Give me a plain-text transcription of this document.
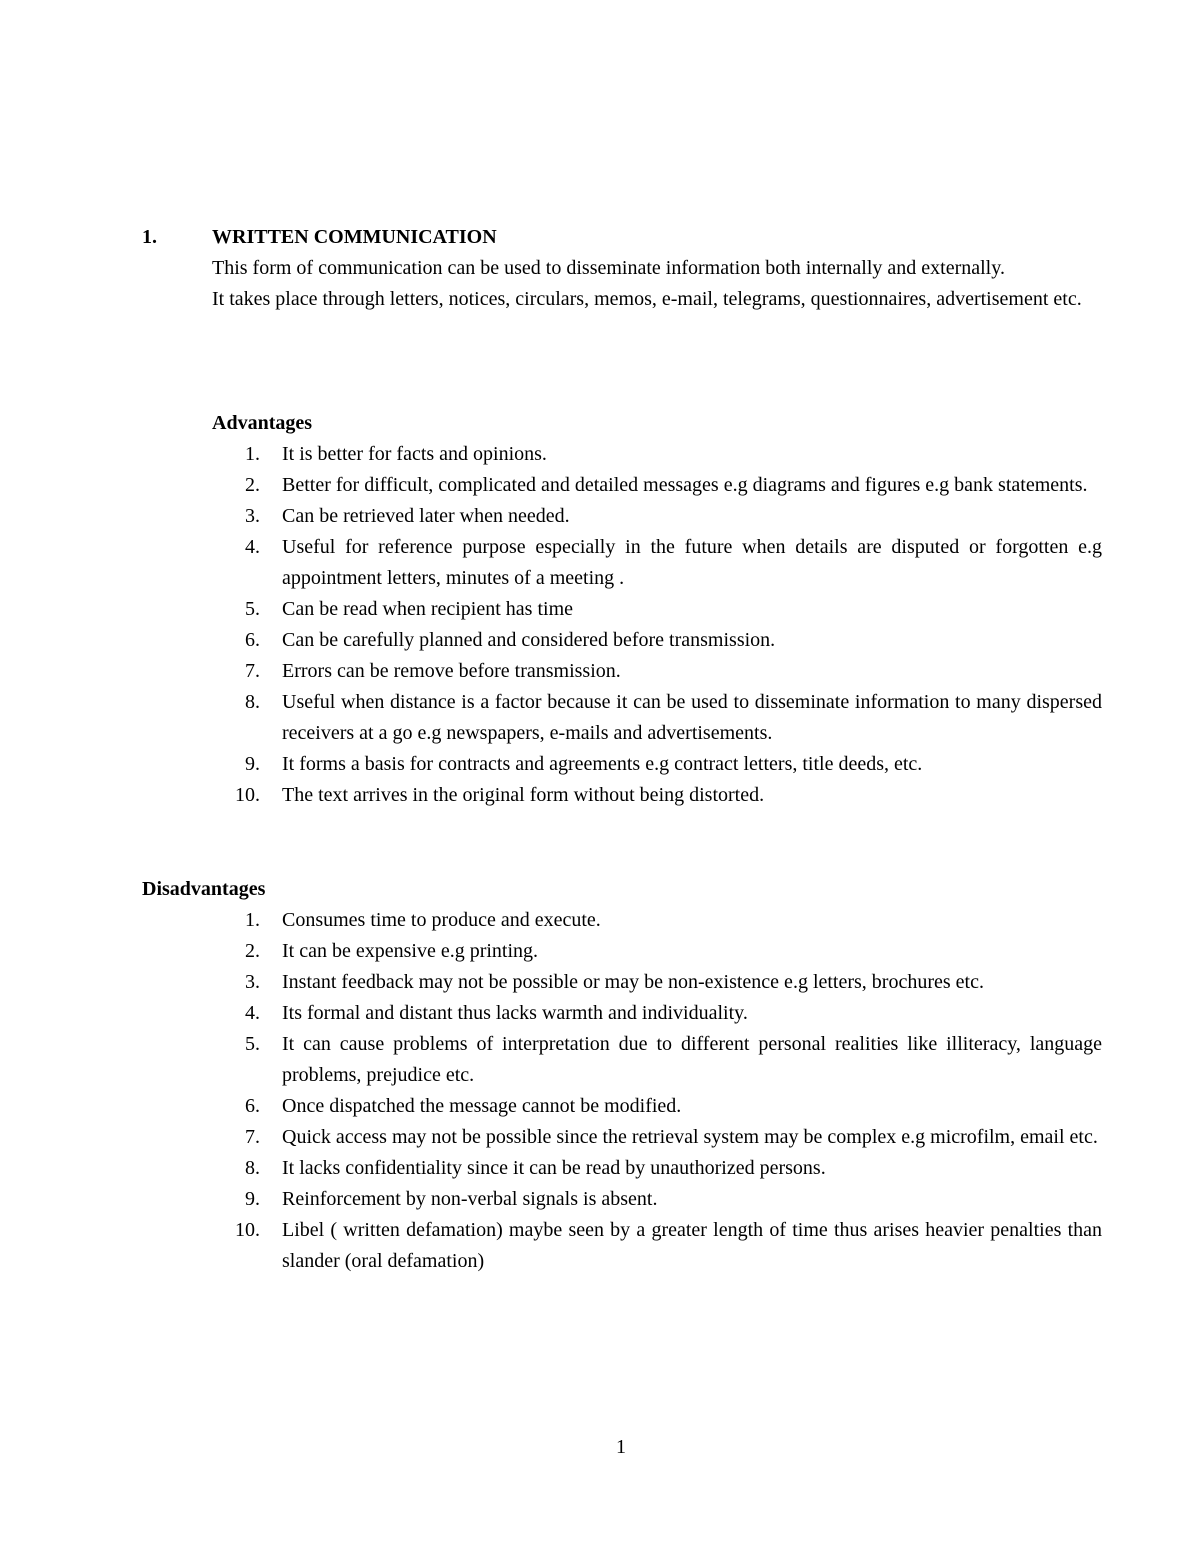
1.	WRITTEN COMMUNICATION

This form of communication can be used to disseminate information both internally and externally.

It takes place through letters, notices, circulars, memos, e-mail, telegrams, questionnaires, advertisement etc.

Advantages
1. It is better for facts and opinions.
2. Better for difficult, complicated and detailed messages e.g diagrams and figures e.g bank statements.
3. Can be retrieved later when needed.
4. Useful for reference purpose especially in the future when details are disputed or forgotten e.g appointment letters, minutes of a meeting .
5. Can be read when recipient has time
6. Can be carefully planned and considered before transmission.
7. Errors can be remove before transmission.
8. Useful when distance is a factor because it can be used to disseminate information to many dispersed receivers at a go e.g newspapers, e-mails and advertisements.
9. It forms a basis for contracts and agreements e.g contract letters, title deeds, etc.
10. The text arrives in the original form without being distorted.
Disadvantages
1. Consumes time to produce and execute.
2. It can be expensive e.g printing.
3. Instant feedback may not be possible or may be non-existence e.g letters, brochures etc.
4. Its formal and distant thus lacks warmth and individuality.
5. It can cause problems of interpretation due to different personal realities like illiteracy, language problems, prejudice etc.
6. Once dispatched the message cannot be modified.
7. Quick access may not be possible since the retrieval system may be complex e.g microfilm, email etc.
8. It lacks confidentiality since it can be read by unauthorized persons.
9. Reinforcement by non-verbal signals is absent.
10. Libel ( written defamation) maybe seen by a greater length of time thus arises heavier penalties than slander (oral defamation)
1
